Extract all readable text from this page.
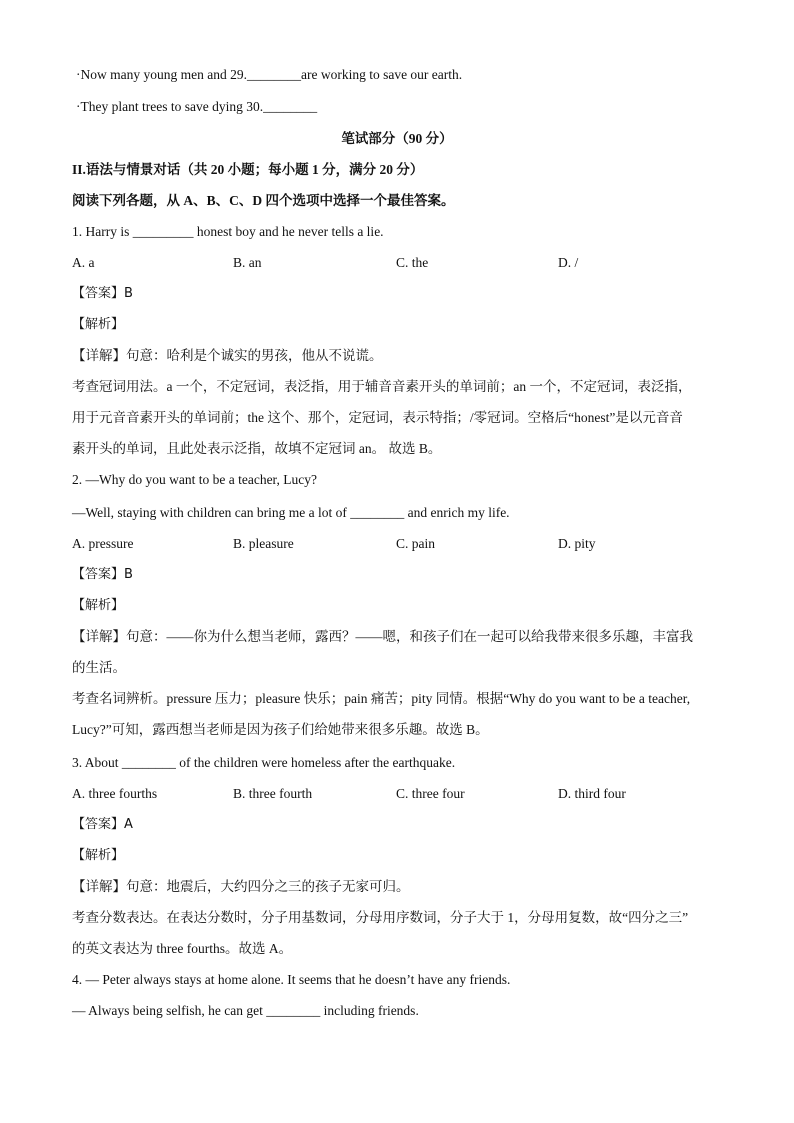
·Now many young men and 29.________are working to save our earth.
·They plant trees to save dying 30.________
笔试部分（90 分）
II.语法与情景对话（共 20 小题；每小题 1 分，满分 20 分）
阅读下列各题，从 A、B、C、D 四个选项中选择一个最佳答案。
1. Harry is _________ honest boy and he never tells a lie.
A. a	B. an	C. the	D. /
【答案】B
【解析】
【详解】句意：哈利是个诚实的男孩，他从不说谎。
考查冠词用法。a 一个，不定冠词，表泛指，用于辅音音素开头的单词前；an 一个，不定冠词，表泛指，
用于元音音素开头的单词前；the 这个、那个，定冠词，表示特指；/零冠词。空格后“honest”是以元音音
素开头的单词，且此处表示泛指，故填不定冠词 an。 故选 B。
2. —Why do you want to be a teacher, Lucy?
—Well, staying with children can bring me a lot of ________ and enrich my life.
A. pressure	B. pleasure	C. pain	D. pity
【答案】B
【解析】
【详解】句意：——你为什么想当老师，露西？——嗯，和孩子们在一起可以给我带来很多乐趣，丰富我
的生活。
考查名词辨析。pressure 压力；pleasure 快乐；pain 痛苦；pity 同情。根据“Why do you want to be a teacher,
Lucy?”可知，露西想当老师是因为孩子们给她带来很多乐趣。故选 B。
3. About ________ of the children were homeless after the earthquake.
A. three fourths	B. three fourth	C. three four	D. third four
【答案】A
【解析】
【详解】句意：地震后，大约四分之三的孩子无家可归。
考查分数表达。在表达分数时，分子用基数词，分母用序数词，分子大于 1，分母用复数，故“四分之三”
的英文表达为 three fourths。故选 A。
4. — Peter always stays at home alone. It seems that he doesn’t have any friends.
— Always being selfish, he can get ________ including friends.
